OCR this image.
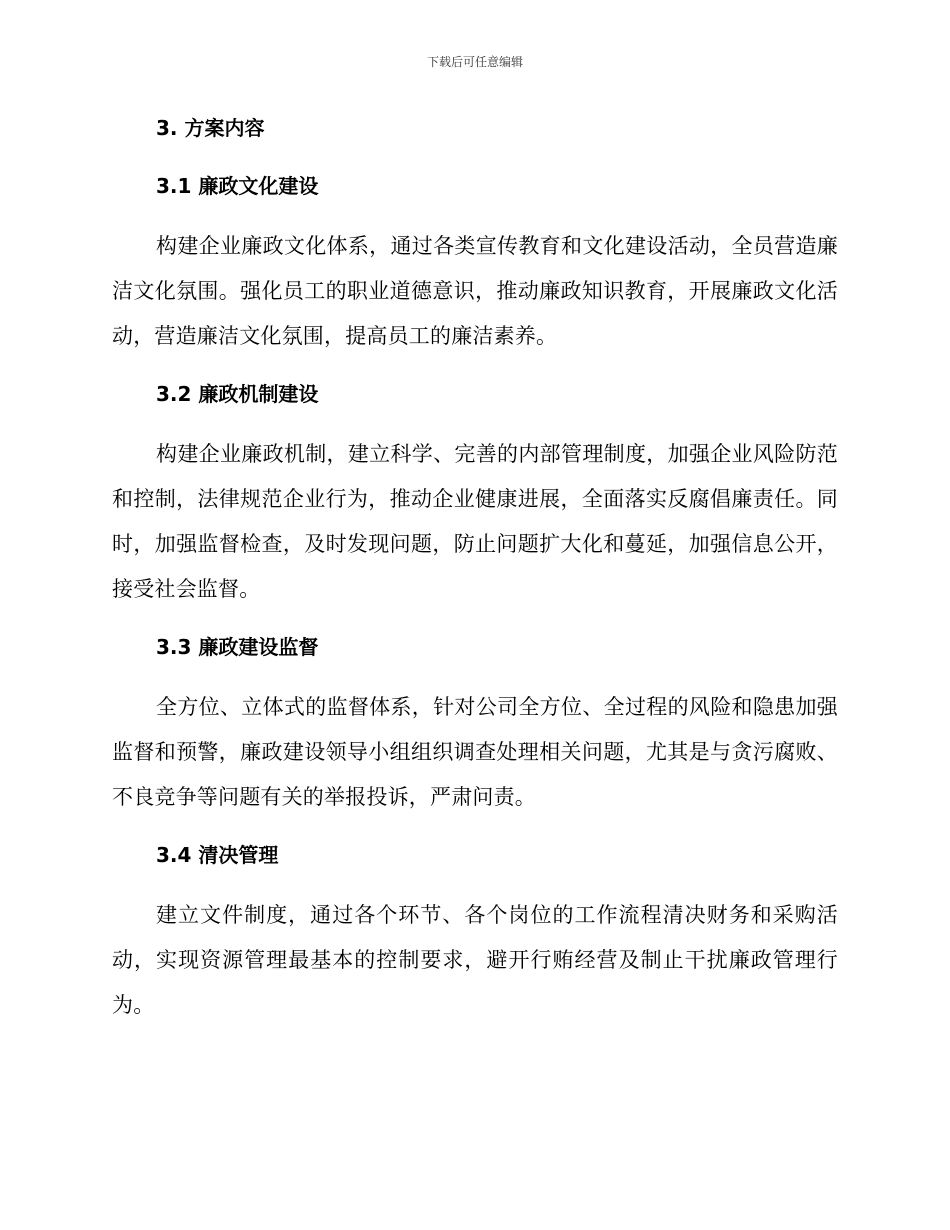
下载后可任意编辑
3. 方案内容
3.1 廉政文化建设

构建企业廉政文化体系，通过各类宣传教育和文化建设活动，全员营造廉洁文化氛围。强化员工的职业道德意识，推动廉政知识教育，开展廉政文化活动，营造廉洁文化氛围，提高员工的廉洁素养。

3.2 廉政机制建设

构建企业廉政机制，建立科学、完善的内部管理制度，加强企业风险防范和控制，法律规范企业行为，推动企业健康进展，全面落实反腐倡廉责任。同时，加强监督检查，及时发现问题，防止问题扩大化和蔓延，加强信息公开，接受社会监督。

3.3 廉政建设监督

全方位、立体式的监督体系，针对公司全方位、全过程的风险和隐患加强监督和预警，廉政建设领导小组组织调查处理相关问题，尤其是与贪污腐败、不良竞争等问题有关的举报投诉，严肃问责。

3.4 清决管理

建立文件制度，通过各个环节、各个岗位的工作流程清决财务和采购活动，实现资源管理最基本的控制要求，避开行贿经营及制止干扰廉政管理行为。
